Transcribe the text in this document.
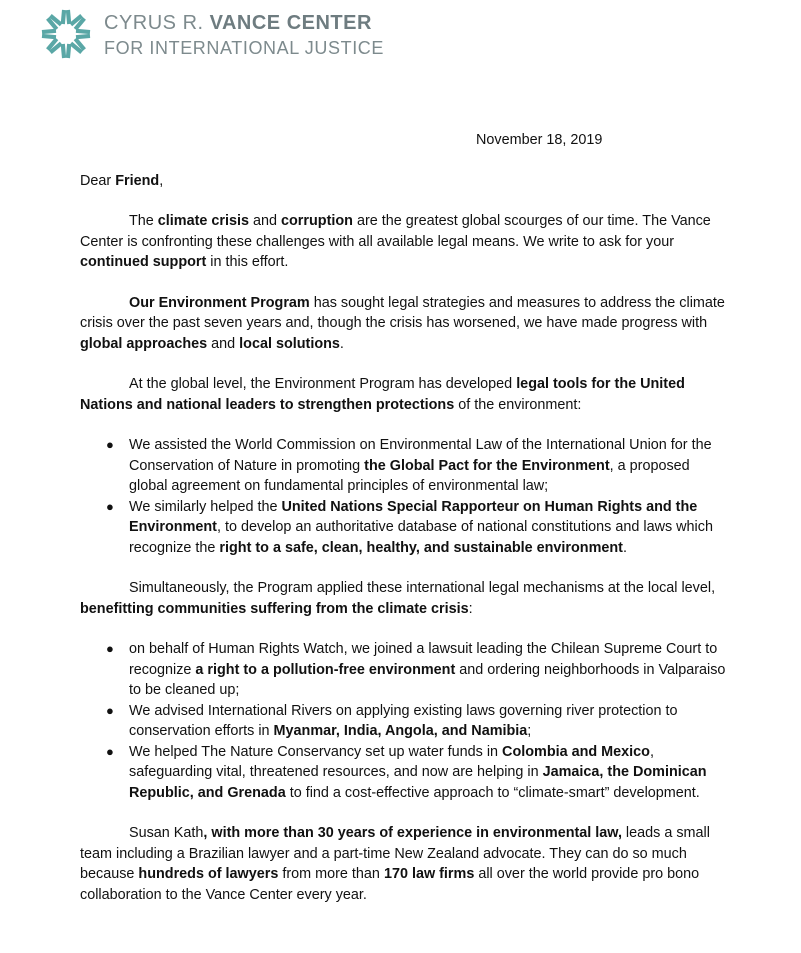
CYRUS R. VANCE CENTER
FOR INTERNATIONAL JUSTICE

November 18, 2019

Dear Friend,

The climate crisis and corruption are the greatest global scourges of our time. The Vance Center is confronting these challenges with all available legal means. We write to ask for your continued support in this effort.

Our Environment Program has sought legal strategies and measures to address the climate crisis over the past seven years and, though the crisis has worsened, we have made progress with global approaches and local solutions.

At the global level, the Environment Program has developed legal tools for the United Nations and national leaders to strengthen protections of the environment:

● We assisted the World Commission on Environmental Law of the International Union for the Conservation of Nature in promoting the Global Pact for the Environment, a proposed global agreement on fundamental principles of environmental law;
● We similarly helped the United Nations Special Rapporteur on Human Rights and the Environment, to develop an authoritative database of national constitutions and laws which recognize the right to a safe, clean, healthy, and sustainable environment.

Simultaneously, the Program applied these international legal mechanisms at the local level, benefitting communities suffering from the climate crisis:

● on behalf of Human Rights Watch, we joined a lawsuit leading the Chilean Supreme Court to recognize a right to a pollution-free environment and ordering neighborhoods in Valparaiso to be cleaned up;
● We advised International Rivers on applying existing laws governing river protection to conservation efforts in Myanmar, India, Angola, and Namibia;
● We helped The Nature Conservancy set up water funds in Colombia and Mexico, safeguarding vital, threatened resources, and now are helping in Jamaica, the Dominican Republic, and Grenada to find a cost-effective approach to “climate-smart” development.

Susan Kath, with more than 30 years of experience in environmental law, leads a small team including a Brazilian lawyer and a part-time New Zealand advocate. They can do so much because hundreds of lawyers from more than 170 law firms all over the world provide pro bono collaboration to the Vance Center every year.
